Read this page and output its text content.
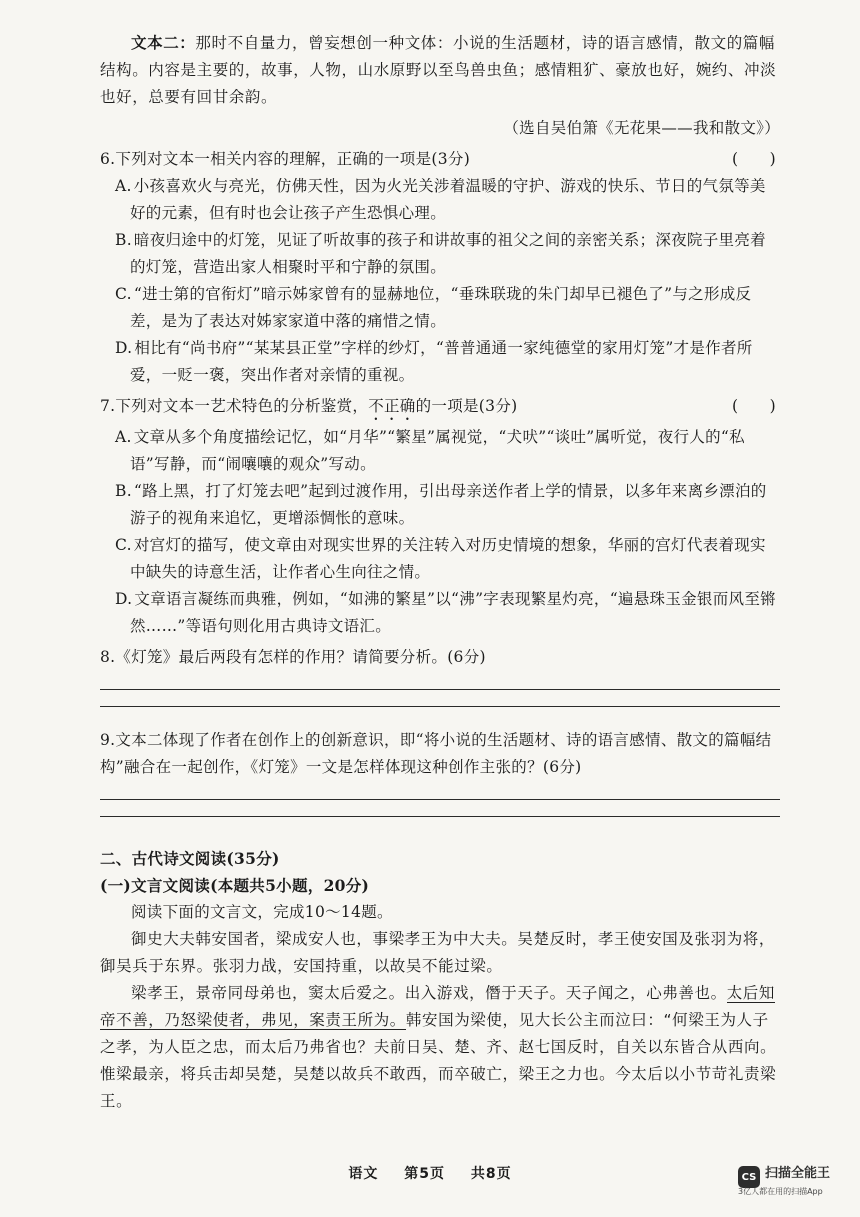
文本二：那时不自量力，曾妄想创一种文体：小说的生活题材，诗的语言感情，散文的篇幅结构。内容是主要的，故事，人物，山水原野以至鸟兽虫鱼；感情粗犷、豪放也好，婉约、冲淡也好，总要有回甘余韵。

（选自吴伯箫《无花果——我和散文》）

6.下列对文本一相关内容的理解，正确的一项是(3分)	(      )

A. 小孩喜欢火与亮光，仿佛天性，因为火光关涉着温暖的守护、游戏的快乐、节日的气氛等美好的元素，但有时也会让孩子产生恐惧心理。

B. 暗夜归途中的灯笼，见证了听故事的孩子和讲故事的祖父之间的亲密关系；深夜院子里亮着的灯笼，营造出家人相聚时平和宁静的氛围。

C. “进士第的官衔灯”暗示姊家曾有的显赫地位，“垂珠联珑的朱门却早已褪色了”与之形成反差，是为了表达对姊家家道中落的痛惜之情。

D. 相比有“尚书府”“某某县正堂”字样的纱灯，“普普通通一家纯德堂的家用灯笼”才是作者所爱，一贬一褒，突出作者对亲情的重视。

7.下列对文本一艺术特色的分析鉴赏，不正确的一项是(3分)	(      )

A. 文章从多个角度描绘记忆，如“月华”“繁星”属视觉，“犬吠”“谈吐”属听觉，夜行人的“私语”写静，而“闹嚷嚷的观众”写动。

B. “路上黑，打了灯笼去吧”起到过渡作用，引出母亲送作者上学的情景，以多年来离乡漂泊的游子的视角来追忆，更增添惆怅的意味。

C. 对宫灯的描写，使文章由对现实世界的关注转入对历史情境的想象，华丽的宫灯代表着现实中缺失的诗意生活，让作者心生向往之情。

D. 文章语言凝练而典雅，例如，“如沸的繁星”以“沸”字表现繁星灼亮，“遍悬珠玉金银而风至锵然……”等语句则化用古典诗文语汇。

8.《灯笼》最后两段有怎样的作用？请简要分析。(6分)

9.文本二体现了作者在创作上的创新意识，即“将小说的生活题材、诗的语言感情、散文的篇幅结构”融合在一起创作，《灯笼》一文是怎样体现这种创作主张的？(6分)

二、古代诗文阅读(35分)

(一)文言文阅读(本题共5小题，20分)

阅读下面的文言文，完成10～14题。

御史大夫韩安国者，梁成安人也，事梁孝王为中大夫。吴楚反时，孝王使安国及张羽为将，御吴兵于东界。张羽力战，安国持重，以故吴不能过梁。

梁孝王，景帝同母弟也，窦太后爱之。出入游戏，僭于天子。天子闻之，心弗善也。太后知帝不善，乃怒梁使者，弗见，案责王所为。韩安国为梁使，见大长公主而泣曰：“何梁王为人子之孝，为人臣之忠，而太后乃弗省也？夫前日吴、楚、齐、赵七国反时，自关以东皆合从西向。惟梁最亲，将兵击却吴楚，吴楚以故兵不敢西，而卒破亡，梁王之力也。今太后以小节苛礼责梁王。

语文 第5页 共8页	CS 扫描全能王
3亿人都在用的扫描App
